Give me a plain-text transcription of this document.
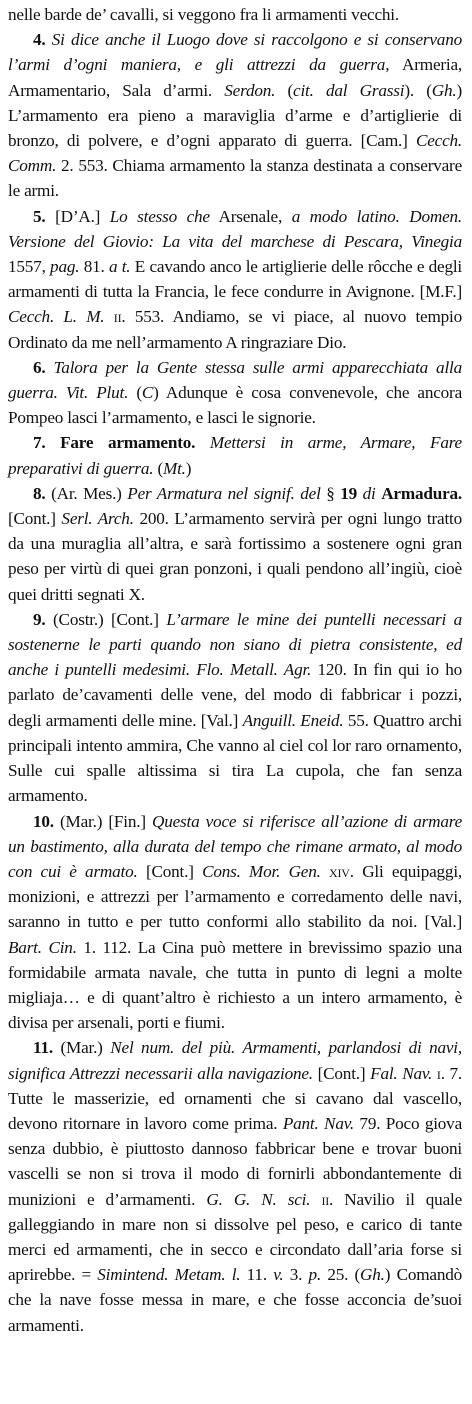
nelle barde de’ cavalli, si veggono fra li armamenti vecchi.

4. Si dice anche il Luogo dove si raccolgono e si conservano l’armi d’ogni maniera, e gli attrezzi da guerra, Armeria, Armamentario, Sala d’armi. Serdon. (cit. dal Grassi). (Gh.) L’armamento era pieno a maraviglia d’arme e d’artiglierie di bronzo, di polvere, e d’ogni apparato di guerra. [Cam.] Cecch. Comm. 2. 553. Chiama armamento la stanza destinata a conservare le armi.

5. [D’A.] Lo stesso che Arsenale, a modo latino. Domen. Versione del Giovio: La vita del marchese di Pescara, Vinegia 1557, pag. 81. a t. E cavando anco le artiglierie delle rôcche e degli armamenti di tutta la Francia, le fece condurre in Avignone. [M.F.] Cecch. L. M. ii. 553. Andiamo, se vi piace, al nuovo tempio Ordinato da me nell’armamento A ringraziare Dio.

6. Talora per la Gente stessa sulle armi apparecchiata alla guerra. Vit. Plut. (C) Adunque è cosa convenevole, che ancora Pompeo lasci l’armamento, e lasci le signorie.

7. Fare armamento. Mettersi in arme, Armare, Fare preparativi di guerra. (Mt.)

8. (Ar. Mes.) Per Armatura nel signif. del § 19 di Armadura. [Cont.] Serl. Arch. 200. L’armamento servirà per ogni lungo tratto da una muraglia all’altra, e sarà fortissimo a sostenere ogni gran peso per virtù di quei gran ponzoni, i quali pendono all’ingiù, cioè quei dritti segnati X.

9. (Costr.) [Cont.] L’armare le mine dei puntelli necessari a sostenerne le parti quando non siano di pietra consistente, ed anche i puntelli medesimi. Flo. Metall. Agr. 120. In fin qui io ho parlato de’cavamenti delle vene, del modo di fabbricar i pozzi, degli armamenti delle mine. [Val.] Anguill. Eneid. 55. Quattro archi principali intento ammira, Che vanno al ciel col lor raro ornamento, Sulle cui spalle altissima si tira La cupola, che fan senza armamento.

10. (Mar.) [Fin.] Questa voce si riferisce all’azione di armare un bastimento, alla durata del tempo che rimane armato, al modo con cui è armato. [Cont.] Cons. Mor. Gen. xiv. Gli equipaggi, monizioni, e attrezzi per l’armamento e corredamento delle navi, saranno in tutto e per tutto conformi allo stabilito da noi. [Val.] Bart. Cin. 1. 112. La Cina può mettere in brevissimo spazio una formidabile armata navale, che tutta in punto di legni a molte migliaja… e di quant’altro è richiesto a un intero armamento, è divisa per arsenali, porti e fiumi.

11. (Mar.) Nel num. del più. Armamenti, parlandosi di navi, significa Attrezzi necessarii alla navigazione. [Cont.] Fal. Nav. i. 7. Tutte le masserizie, ed ornamenti che si cavano dal vascello, devono ritornare in lavoro come prima. Pant. Nav. 79. Poco giova senza dubbio, è piuttosto dannoso fabbricar bene e trovar buoni vascelli se non si trova il modo di fornirli abbondantemente di munizioni e d’armamenti. G. G. N. sci. ii. Navilio il quale galleggiando in mare non si dissolve pel peso, e carico di tante merci ed armamenti, che in secco e circondato dall’aria forse si aprirebbe. = Simintend. Metam. l. 11. v. 3. p. 25. (Gh.) Comandò che la nave fosse messa in mare, e che fosse acconcia de’suoi armamenti.
